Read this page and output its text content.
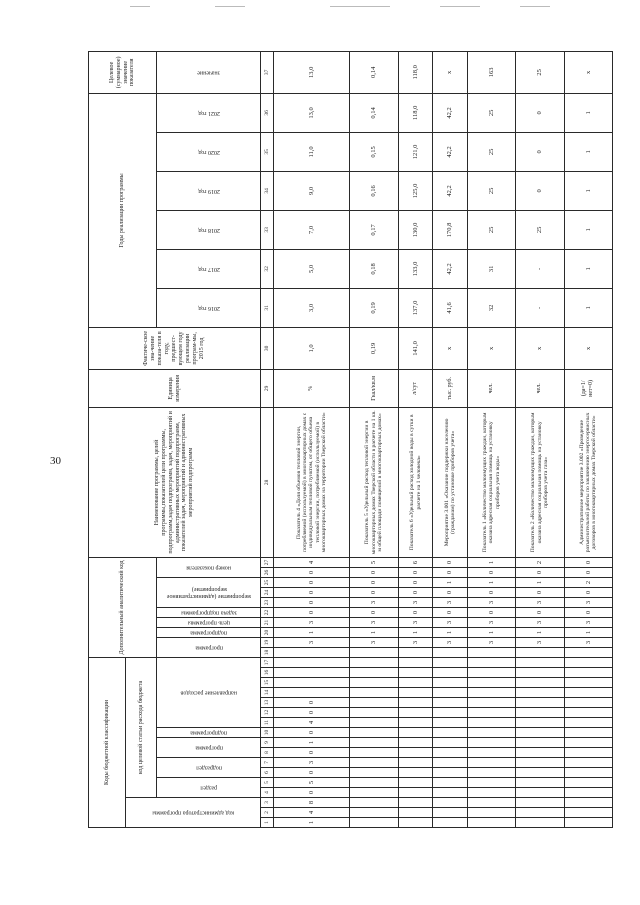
30
Коды бюджетной классификации																	Дополнительный аналитический код										Наименование программы, целей программы,показателей цели программы, подпрограмм,задач подпрограмм, задач, мероприятий и административных мероприятий подпрограмм, показателей задач, мероприятий и административных мероприятий подпрограмм	Единица измерения	Фактиче-ское зна-чение показа-теля в году, предшест-вующем году реализации програм-мы, 2015 год	Годы реализации программы						Целевое (суммарное) значение показателя
код администратора программы			код целевой статьи расхода бюджета																																	
			раздел		подраздел		программа		подпрограмма	направление расходов							программа		подпрограмма	цель программы	задача подпрограммы	мероприятие (административное мероприятие)			номер показателя					2016 год	2017 год	2018 год	2019 год	2020 год	2021 год	значение
1	2	3	4	5	6	7	8	9	10	11	12	13	14	15	16	17	18	19	20	21	22	23	24	25	26	27	28	29	30	31	32	33	34	35	36	37
1	4	8	0	5	0	3	0	1	0	4	0	0						3	1	3	0	0	0	0	0	4	Показатель 4 «Доля объемов тепловой энергии, потребляемой (используемой) в многоквартирных домах с индивидуальным тепловой пунктом, от общего объема тепловой энергии, потребляемой (используемой) в многоквартирных домах на территории Тверской области»	%	1,0	3,0	5,0	7,0	9,0	11,0	13,0	13,0
																		3	1	3	0	3	0	0	0	5	Показатель 5 «Удельный расход тепловой энергии в многоквартирных домах Тверской области в расчете на 1 кв. м общей площади помещений в многоквартирных домах»	Гкал/кв.м	0,19	0,19	0,18	0,17	0,16	0,15	0,14	0,14
																		3	1	3	0	3	0	0	0	6	Показатель 6 «Удельный расход холодной воды в сутки в расчете на 1 человека»	л/сут	141,0	137,0	133,0	130,0	125,0	121,0	118,0	118,0
																		3	1	3	0	3	0	1	0	0	Мероприятие 3.001 «Оказание поддержки населению (гражданам) по установке приборов учета»	тыс. руб.	х	41,6	42,2	170,8	42,2	42,2	42,2	х
																		3	1	3	0	3	0	1	0	1	Показатель 1 «Количество малоимущих граждан, которым оказана адресная социальная помощь на установку приборов учета воды»	чел.	х	32	31	25	25	25	25	163
																		3	1	3	0	3	0	1	0	2	Показатель 2 «Количество малоимущих граждан, которым оказана адресная социальная помощь на установку приборов учета газа»	чел.	х	-	-	25	0	0	0	25
																		3	1	3	0	3	0	2	0	0	Административное мероприятие 3.002 «Проведение разъяснительной работы по заключению энергосервисных договоров в многоквартирных домах Тверской области»	(да=1/ нет=0)	х	1	1	1	1	1	1	х
